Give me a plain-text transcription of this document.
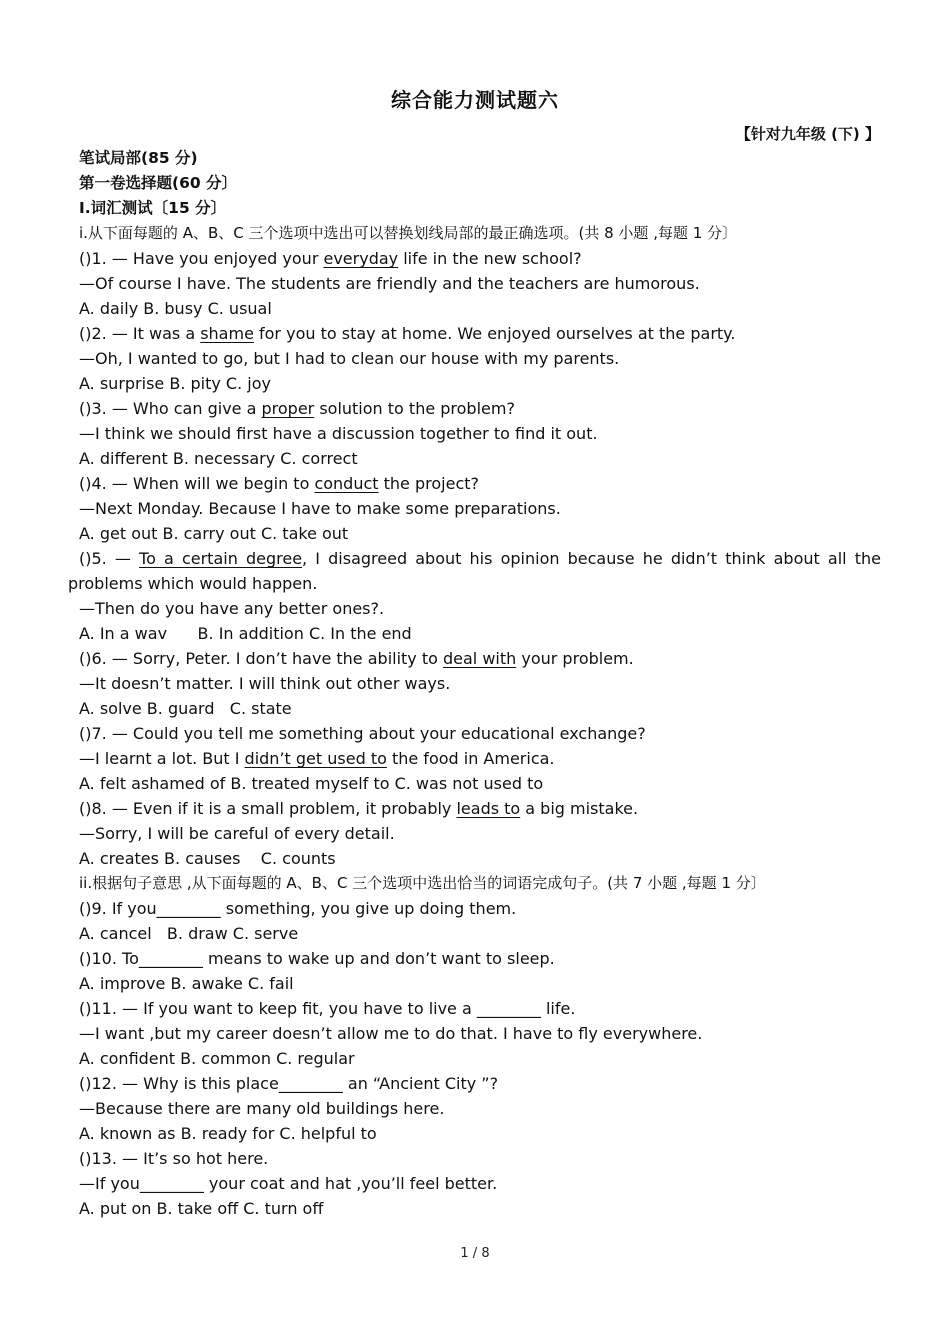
综合能力测试题六
【针对九年级 (下) 】
笔试局部(85 分)
第一卷选择题(60 分〕
I.词汇测试〔15 分〕
i.从下面每题的 A、B、C 三个选项中选出可以替换划线局部的最正确选项。(共 8 小题 ,每题 1 分〕
()1. — Have you enjoyed your everyday life in the new school?
—Of course I have. The students are friendly and the teachers are humorous.
A. daily B. busy C. usual
()2. — It was a shame for you to stay at home. We enjoyed ourselves at the party.
—Oh, I wanted to go, but I had to clean our house with my parents.
A. surprise B. pity C. joy
()3. — Who can give a proper solution to the problem?
—I think we should first have a discussion together to find it out.
A. different B. necessary C. correct
()4. — When will we begin to conduct the project?
—Next Monday. Because I have to make some preparations.
A. get out B. carry out C. take out
()5. — To a certain degree, I disagreed about his opinion because he didn’t think about all the
problems which would happen.
—Then do you have any better ones?.
A. In a wav      B. In addition C. In the end
()6. — Sorry, Peter. I don’t have the ability to deal with your problem.
—It doesn’t matter. I will think out other ways.
A. solve B. guard   C. state
()7. — Could you tell me something about your educational exchange?
—I learnt a lot. But I didn’t get used to the food in America.
A. felt ashamed of B. treated myself to C. was not used to
()8. — Even if it is a small problem, it probably leads to a big mistake.
—Sorry, I will be careful of every detail.
A. creates B. causes    C. counts
ii.根据句子意思 ,从下面每题的 A、B、C 三个选项中选出恰当的词语完成句子。(共 7 小题 ,每题 1 分〕
()9. If you________ something, you give up doing them.
A. cancel   B. draw C. serve
()10. To________ means to wake up and don’t want to sleep.
A. improve B. awake C. fail
()11. — If you want to keep fit, you have to live a ________ life.
—I want ,but my career doesn’t allow me to do that. I have to fly everywhere.
A. confident B. common C. regular
()12. — Why is this place________ an “Ancient City ”?
—Because there are many old buildings here.
A. known as B. ready for C. helpful to
()13. — It’s so hot here.
—If you________ your coat and hat ,you’ll feel better.
A. put on B. take off C. turn off
1 / 8
